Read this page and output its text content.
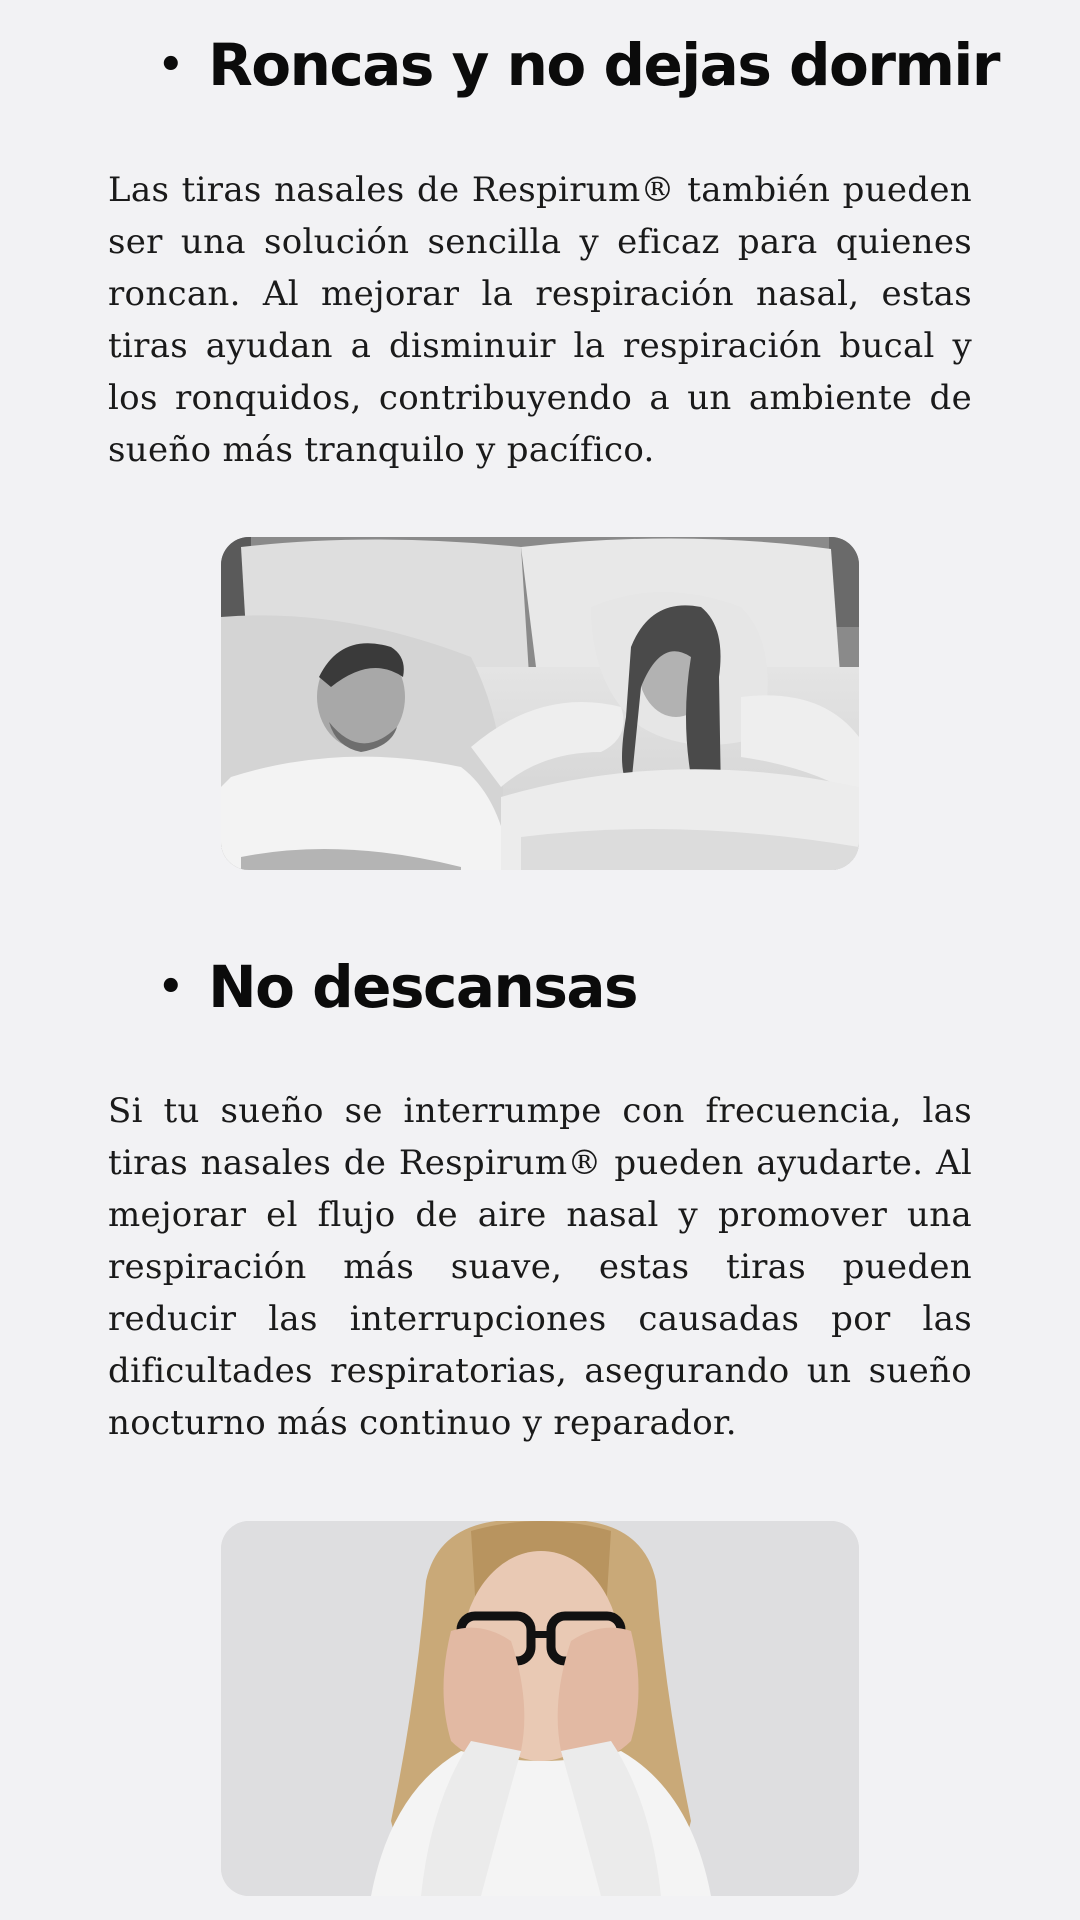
• Roncas y no dejas dormir

Las tiras nasales de Respirum® también pueden ser una solución sencilla y eficaz para quienes roncan. Al mejorar la respiración nasal, estas tiras ayudan a disminuir la respiración bucal y los ronquidos, contribuyendo a un ambiente de sueño más tranquilo y pacífico.

• No descansas

Si tu sueño se interrumpe con frecuencia, las tiras nasales de Respirum® pueden ayudarte. Al mejorar el flujo de aire nasal y promover una respiración más suave, estas tiras pueden reducir las interrupciones causadas por las dificultades respiratorias, asegurando un sueño nocturno más continuo y reparador.
